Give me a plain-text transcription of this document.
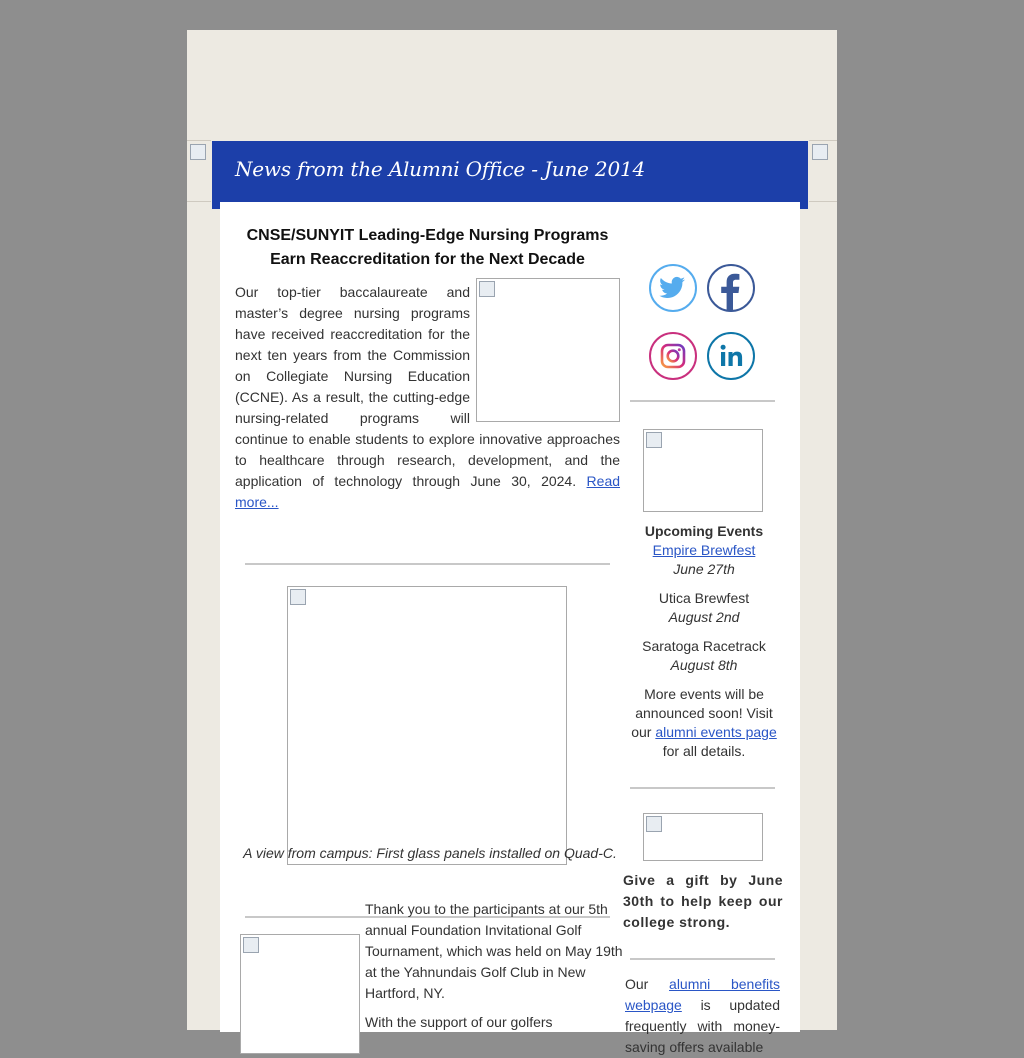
News from the Alumni Office - June 2014
CNSE/SUNYIT Leading-Edge Nursing Programs Earn Reaccreditation for the Next Decade
Our top-tier baccalaureate and master’s degree nursing programs have received reaccreditation for the next ten years from the Commission on Collegiate Nursing Education (CCNE). As a result, the cutting-edge nursing-related programs will continue to enable students to explore innovative approaches to healthcare through research, development, and the application of technology through June 30, 2024. Read more...
A view from campus: First glass panels installed on Quad-C.

Thank you to the participants at our 5th annual Foundation Invitational Golf Tournament, which was held on May 19th at the Yahnundais Golf Club in New Hartford, NY.

With the support of our golfers

Upcoming Events
Empire Brewfest
June 27th

Utica Brewfest
August 2nd

Saratoga Racetrack
August 8th

More events will be announced soon! Visit our alumni events page for all details.

Give a gift by June 30th to help keep our college strong.
Our alumni benefits webpage is updated frequently with money-saving offers available
